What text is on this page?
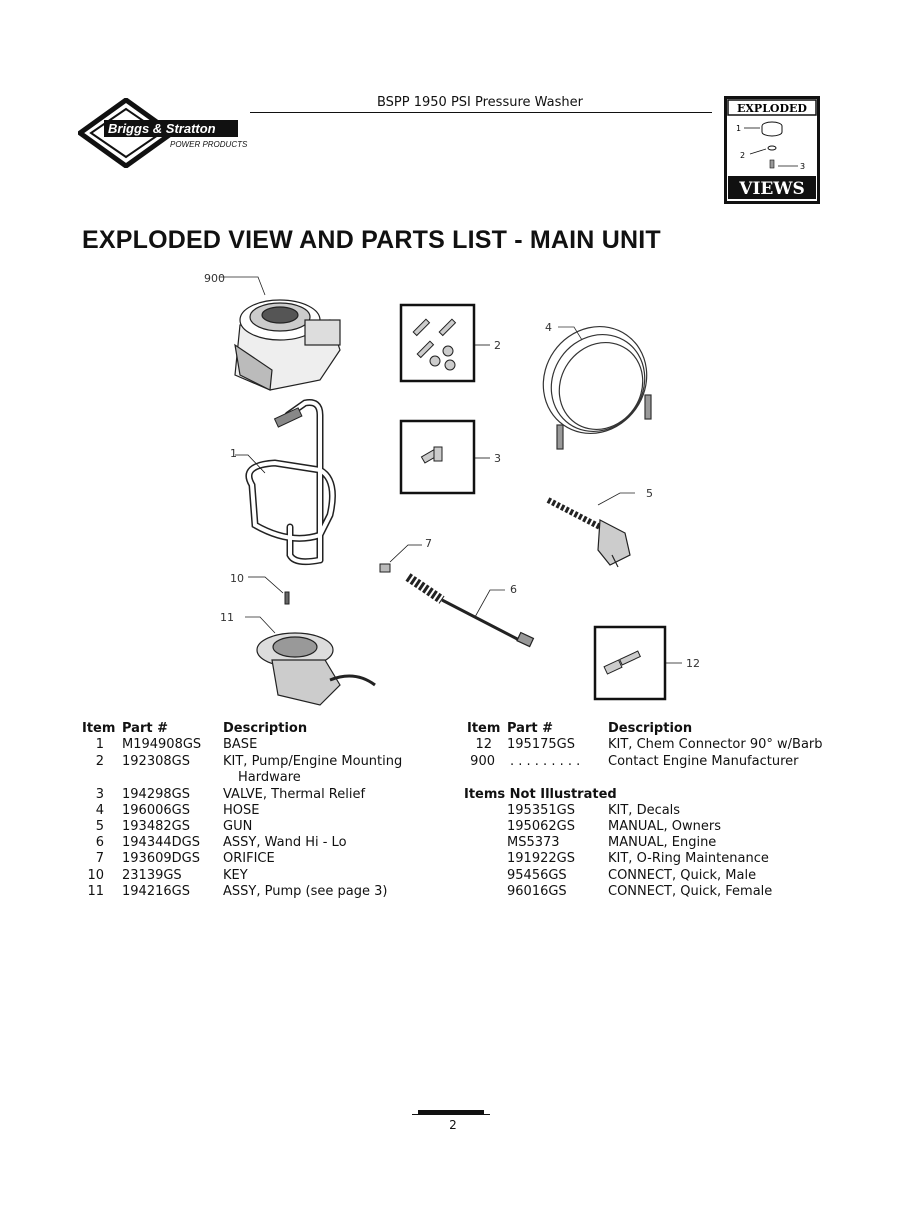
BSPP 1950 PSI Pressure Washer
Briggs & Stratton
POWER PRODUCTS
EXPLODED
VIEWS
1
2
3
EXPLODED VIEW AND PARTS LIST - MAIN UNIT
900
2
4
1	3
5
7
6
10
11
12
Item Part #	Description
1 M194908GS BASE
2 192308GS	KIT, Pump/Engine Mounting
Hardware
3 194298GS	VALVE, Thermal Relief
4 196006GS	HOSE
5 193482GS	GUN
6 194344DGS ASSY, Wand Hi - Lo
7 193609DGS ORIFICE
10 23139GS	KEY
11 194216GS	ASSY, Pump (see page 3)
Item Part #	Description
12 195175GS	KIT, Chem Connector 90° w/Barb
900 . . . . . . . . . Contact Engine Manufacturer
Items Not Illustrated
195351GS	KIT, Decals
195062GS	MANUAL, Owners
MS5373	MANUAL, Engine
191922GS	KIT, O-Ring Maintenance
95456GS	CONNECT, Quick, Male
96016GS	CONNECT, Quick, Female
2
